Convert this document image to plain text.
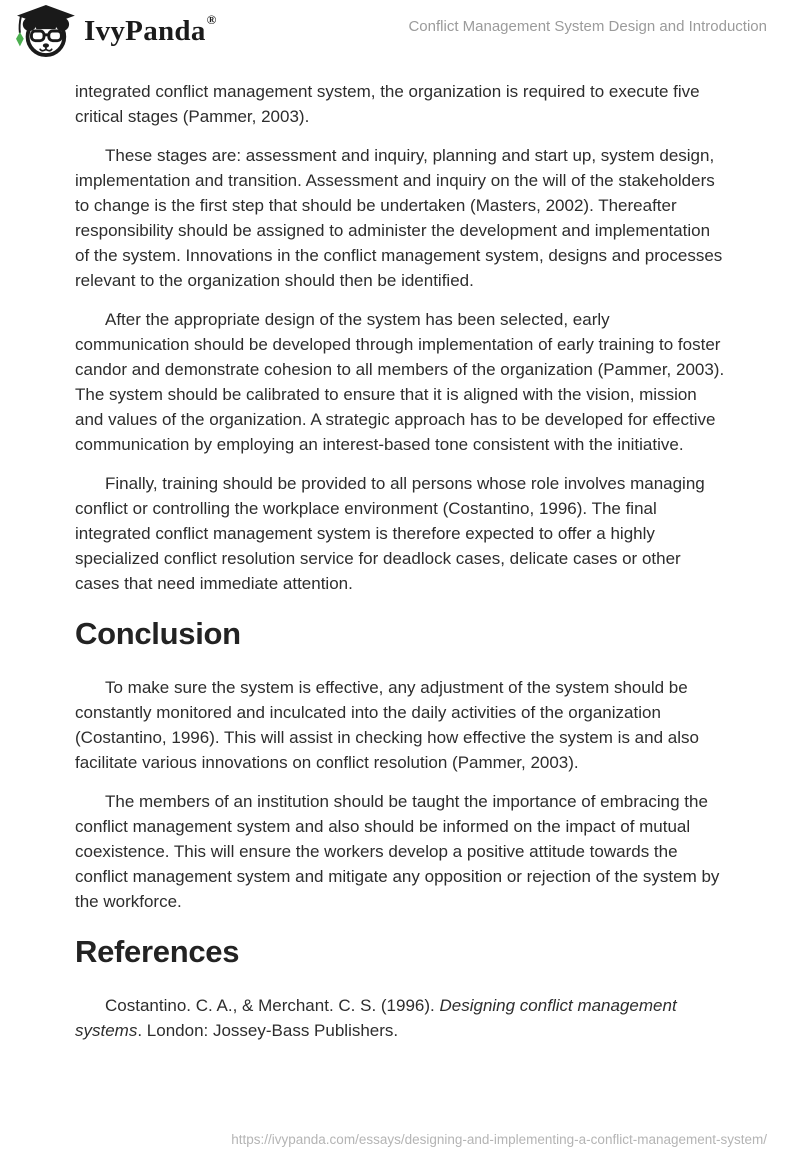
IvyPanda ®	Conflict Management System Design and Introduction

integrated conflict management system, the organization is required to execute five critical stages (Pammer, 2003).

These stages are: assessment and inquiry, planning and start up, system design, implementation and transition. Assessment and inquiry on the will of the stakeholders to change is the first step that should be undertaken (Masters, 2002). Thereafter responsibility should be assigned to administer the development and implementation of the system. Innovations in the conflict management system, designs and processes relevant to the organization should then be identified.

After the appropriate design of the system has been selected, early communication should be developed through implementation of early training to foster candor and demonstrate cohesion to all members of the organization (Pammer, 2003). The system should be calibrated to ensure that it is aligned with the vision, mission and values of the organization. A strategic approach has to be developed for effective communication by employing an interest-based tone consistent with the initiative.

Finally, training should be provided to all persons whose role involves managing conflict or controlling the workplace environment (Costantino, 1996). The final integrated conflict management system is therefore expected to offer a highly specialized conflict resolution service for deadlock cases, delicate cases or other cases that need immediate attention.

Conclusion

To make sure the system is effective, any adjustment of the system should be constantly monitored and inculcated into the daily activities of the organization (Costantino, 1996). This will assist in checking how effective the system is and also facilitate various innovations on conflict resolution (Pammer, 2003).

The members of an institution should be taught the importance of embracing the conflict management system and also should be informed on the impact of mutual coexistence. This will ensure the workers develop a positive attitude towards the conflict management system and mitigate any opposition or rejection of the system by the workforce.

References

Costantino. C. A., & Merchant. C. S. (1996). Designing conflict management systems. London: Jossey-Bass Publishers.

https://ivypanda.com/essays/designing-and-implementing-a-conflict-management-system/
